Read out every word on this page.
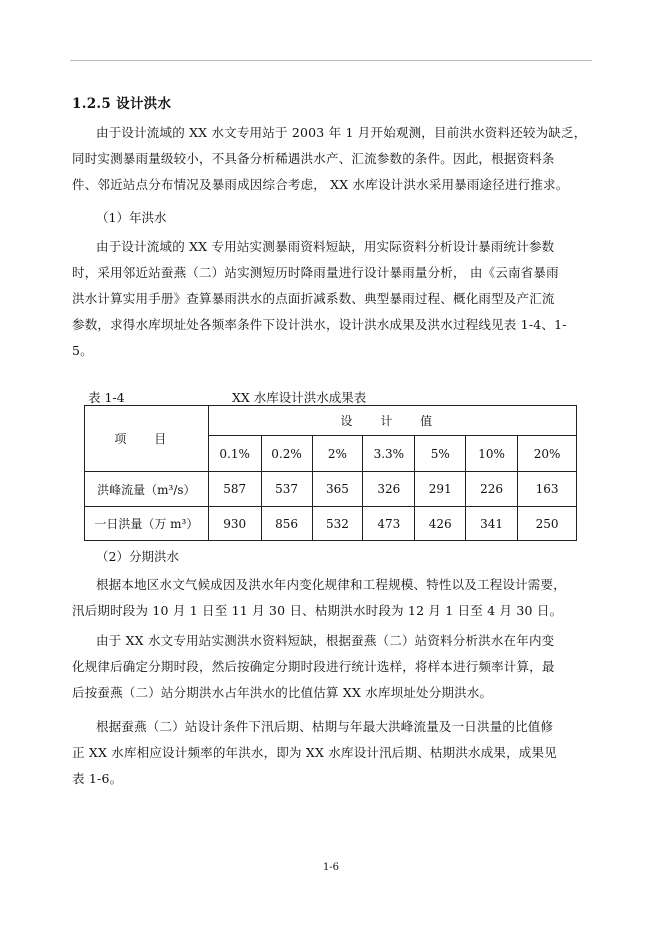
1.2.5 设计洪水

由于设计流域的 XX 水文专用站于 2003 年 1 月开始观测，目前洪水资料还较为缺乏，
同时实测暴雨量级较小，不具备分析稀遇洪水产、汇流参数的条件。因此，根据资料条
件、邻近站点分布情况及暴雨成因综合考虑， XX 水库设计洪水采用暴雨途径进行推求。

（1）年洪水

由于设计流域的 XX 专用站实测暴雨资料短缺，用实际资料分析设计暴雨统计参数
时，采用邻近站蚕燕（二）站实测短历时降雨量进行设计暴雨量分析， 由《云南省暴雨
洪水计算实用手册》查算暴雨洪水的点面折减系数、典型暴雨过程、概化雨型及产汇流
参数，求得水库坝址处各频率条件下设计洪水，设计洪水成果及洪水过程线见表 1-4、1-
5。

表 1-4	XX 水库设计洪水成果表
项 目	设 计 值						
	0.1%	0.2%	2%	3.3%	5%	10%	20%
洪峰流量（m³/s）	587	537	365	326	291	226	163
一日洪量（万 m³）	930	856	532	473	426	341	250
（2）分期洪水

根据本地区水文气候成因及洪水年内变化规律和工程规模、特性以及工程设计需要，
汛后期时段为 10 月 1 日至 11 月 30 日、枯期洪水时段为 12 月 1 日至 4 月 30 日。

由于 XX 水文专用站实测洪水资料短缺，根据蚕燕（二）站资料分析洪水在年内变
化规律后确定分期时段，然后按确定分期时段进行统计选样，将样本进行频率计算，最
后按蚕燕（二）站分期洪水占年洪水的比值估算 XX 水库坝址处分期洪水。

根据蚕燕（二）站设计条件下汛后期、枯期与年最大洪峰流量及一日洪量的比值修
正 XX 水库相应设计频率的年洪水，即为 XX 水库设计汛后期、枯期洪水成果，成果见
表 1-6。

1-6
